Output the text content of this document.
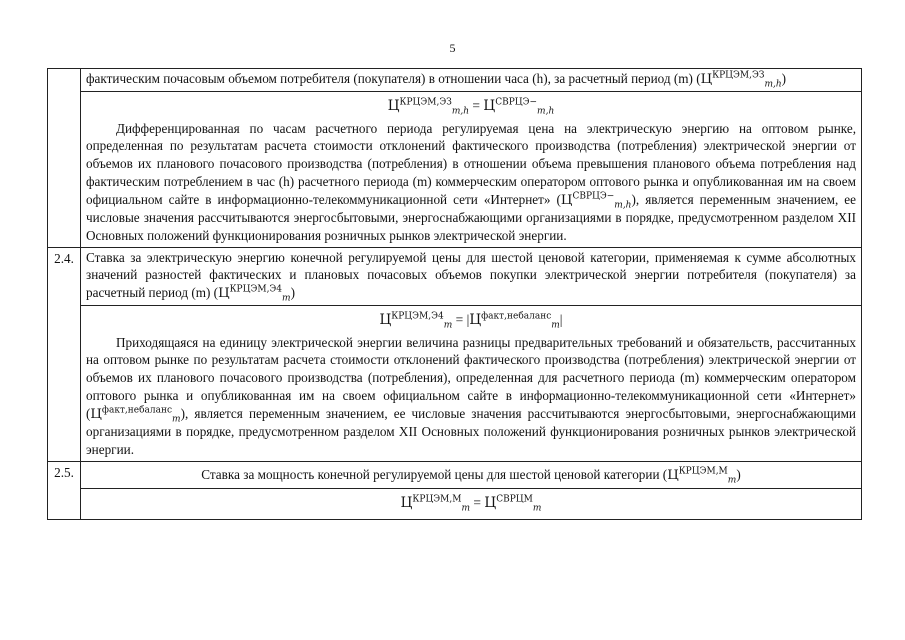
5

	фактическим почасовым объемом потребителя (покупателя) в отношении часа (h), за расчетный период (m) $(Ц^{КРЦЭМ,ЭЗ}_{m,h})$
$Ц^{КРЦЭМ,ЭЗ}_{m,h} = Ц^{СВРЦЭ-}_{m,h}$
Дифференцированная по часам расчетного периода регулируемая цена на электрическую энергию на оптовом рынке, определенная по результатам расчета стоимости отклонений фактического производства (потребления) электрической энергии от объемов их планового почасового производства (потребления) в отношении объема превышения планового объема потребления над фактическим потреблением в час (h) расчетного периода (m) коммерческим оператором оптового рынка и опубликованная им на своем официальном сайте в информационно-телекоммуникационной сети «Интернет» $(Ц^{СВРЦЭ-}_{m,h})$, является переменным значением, ее числовые значения рассчитываются энергосбытовыми, энергоснабжающими организациями в порядке, предусмотренном разделом XII Основных положений функционирования розничных рынков электрической энергии.

2.4.	Ставка за электрическую энергию конечной регулируемой цены для шестой ценовой категории, применяемая к сумме абсолютных значений разностей фактических и плановых почасовых объемов покупки электрической энергии потребителя (покупателя) за расчетный период (m) $(Ц^{КРЦЭМ,Э4}_m)$
$Ц^{КРЦЭМ,Э4}_m = |Ц^{факт,небаланс}_m|$
Приходящаяся на единицу электрической энергии величина разницы предварительных требований и обязательств, рассчитанных на оптовом рынке по результатам расчета стоимости отклонений фактического производства (потребления) электрической энергии от объемов их планового почасового производства (потребления), определенная для расчетного периода (m) коммерческим оператором оптового рынка и опубликованная им на своем официальном сайте в информационно-телекоммуникационной сети «Интернет» $(Ц^{факт,небаланс}_m)$, является переменным значением, ее числовые значения рассчитываются энергосбытовыми, энергоснабжающими организациями в порядке, предусмотренном разделом XII Основных положений функционирования розничных рынков электрической энергии.

2.5.	Ставка за мощность конечной регулируемой цены для шестой ценовой категории $(Ц^{КРЦЭМ,М}_m)$
$Ц^{КРЦЭМ,М}_m = Ц^{СВРЦМ}_m$
